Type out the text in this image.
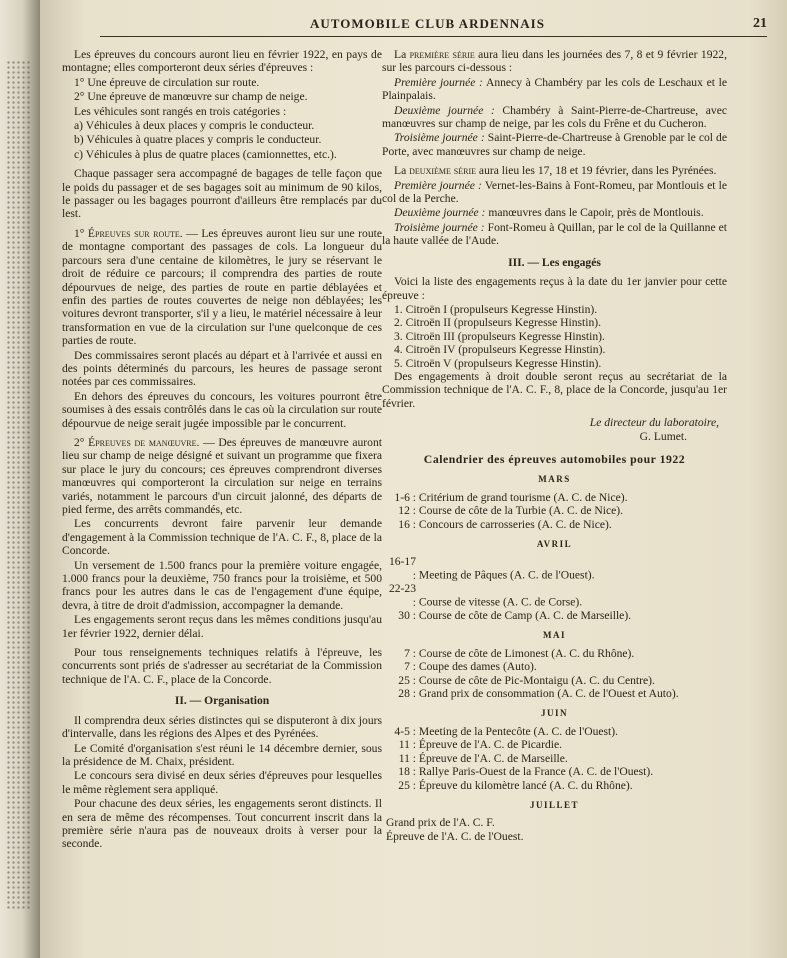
AUTOMOBILE CLUB ARDENNAIS	21

Les épreuves du concours auront lieu en février 1922, en pays de montagne; elles comporteront deux séries d'épreuves :

1° Une épreuve de circulation sur route.

2° Une épreuve de manœuvre sur champ de neige.

Les véhicules sont rangés en trois catégories :

a) Véhicules à deux places y compris le conducteur.

b) Véhicules à quatre places y compris le conducteur.

c) Véhicules à plus de quatre places (camionnettes, etc.).

Chaque passager sera accompagné de bagages de telle façon que le poids du passager et de ses bagages soit au minimum de 90 kilos, le passager ou les bagages pourront d'ailleurs être remplacés par du lest.

1° Épreuves sur route. — Les épreuves auront lieu sur une route de montagne comportant des passages de cols. La longueur du parcours sera d'une centaine de kilomètres, le jury se réservant le droit de réduire ce parcours; il comprendra des parties de route dépourvues de neige, des parties de route en partie déblayées et enfin des parties de routes couvertes de neige non déblayées; les voitures devront transporter, s'il y a lieu, le matériel nécessaire à leur transformation en vue de la circulation sur l'une quelconque de ces parties de route.

Des commissaires seront placés au départ et à l'arrivée et aussi en des points déterminés du parcours, les heures de passage seront notées par ces commissaires.

En dehors des épreuves du concours, les voitures pourront être soumises à des essais contrôlés dans le cas où la circulation sur route dépourvue de neige serait jugée impossible par le concurrent.

2° Épreuves de manœuvre. — Des épreuves de manœuvre auront lieu sur champ de neige désigné et suivant un programme que fixera sur place le jury du concours; ces épreuves comprendront diverses manœuvres qui comporteront la circulation sur neige en terrains variés, notamment le parcours d'un circuit jalonné, des départs de pied ferme, des arrêts commandés, etc.

Les concurrents devront faire parvenir leur demande d'engagement à la Commission technique de l'A. C. F., 8, place de la Concorde.

Un versement de 1.500 francs pour la première voiture engagée, 1.000 francs pour la deuxième, 750 francs pour la troisième, et 500 francs pour les autres dans le cas de l'engagement d'une équipe, devra, à titre de droit d'admission, accompagner la demande.

Les engagements seront reçus dans les mêmes conditions jusqu'au 1er février 1922, dernier délai.

Pour tous renseignements techniques relatifs à l'épreuve, les concurrents sont priés de s'adresser au secrétariat de la Commission technique de l'A. C. F., place de la Concorde.

II. — Organisation

Il comprendra deux séries distinctes qui se disputeront à dix jours d'intervalle, dans les régions des Alpes et des Pyrénées.

Le Comité d'organisation s'est réuni le 14 décembre dernier, sous la présidence de M. Chaix, président.

Le concours sera divisé en deux séries d'épreuves pour lesquelles le même règlement sera appliqué.

Pour chacune des deux séries, les engagements seront distincts. Il en sera de même des récompenses. Tout concurrent inscrit dans la première série n'aura pas de nouveaux droits à verser pour la seconde.

La première série aura lieu dans les journées des 7, 8 et 9 février 1922, sur les parcours ci-dessous :

Première journée : Annecy à Chambéry par les cols de Leschaux et le Plainpalais.

Deuxième journée : Chambéry à Saint-Pierre-de-Chartreuse, avec manœuvres sur champ de neige, par les cols du Frêne et du Cucheron.

Troisième journée : Saint-Pierre-de-Chartreuse à Grenoble par le col de Porte, avec manœuvres sur champ de neige.

La deuxième série aura lieu les 17, 18 et 19 février, dans les Pyrénées.

Première journée : Vernet-les-Bains à Font-Romeu, par Montlouis et le col de la Perche.

Deuxième journée : manœuvres dans le Capoir, près de Montlouis.

Troisième journée : Font-Romeu à Quillan, par le col de la Quillanne et la haute vallée de l'Aude.

III. — Les engagés

Voici la liste des engagements reçus à la date du 1er janvier pour cette épreuve :

1. Citroën I (propulseurs Kegresse Hinstin).

2. Citroën II (propulseurs Kegresse Hinstin).

3. Citroën III (propulseurs Kegresse Hinstin).

4. Citroën IV (propulseurs Kegresse Hinstin).

5. Citroën V (propulseurs Kegresse Hinstin).

Des engagements à droit double seront reçus au secrétariat de la Commission technique de l'A. C. F., 8, place de la Concorde, jusqu'au 1er février.

Le directeur du laboratoire,
G. Lumet.
Calendrier des épreuves automobiles pour 1922
MARS

1-6 : Critérium de grand tourisme (A. C. de Nice).

12 : Course de côte de la Turbie (A. C. de Nice).

16 : Concours de carrosseries (A. C. de Nice).

AVRIL

16-17 : Meeting de Pâques (A. C. de l'Ouest).

22-23 : Course de vitesse (A. C. de Corse).

30 : Course de côte de Camp (A. C. de Marseille).

MAI

7 : Course de côte de Limonest (A. C. du Rhône).

7 : Coupe des dames (Auto).

25 : Course de côte de Pic-Montaigu (A. C. du Centre).

28 : Grand prix de consommation (A. C. de l'Ouest et Auto).

JUIN

4-5 : Meeting de la Pentecôte (A. C. de l'Ouest).

11 : Épreuve de l'A. C. de Picardie.

11 : Épreuve de l'A. C. de Marseille.

18 : Rallye Paris-Ouest de la France (A. C. de l'Ouest).

25 : Épreuve du kilomètre lancé (A. C. du Rhône).

JUILLET

Grand prix de l'A. C. F.

Épreuve de l'A. C. de l'Ouest.
